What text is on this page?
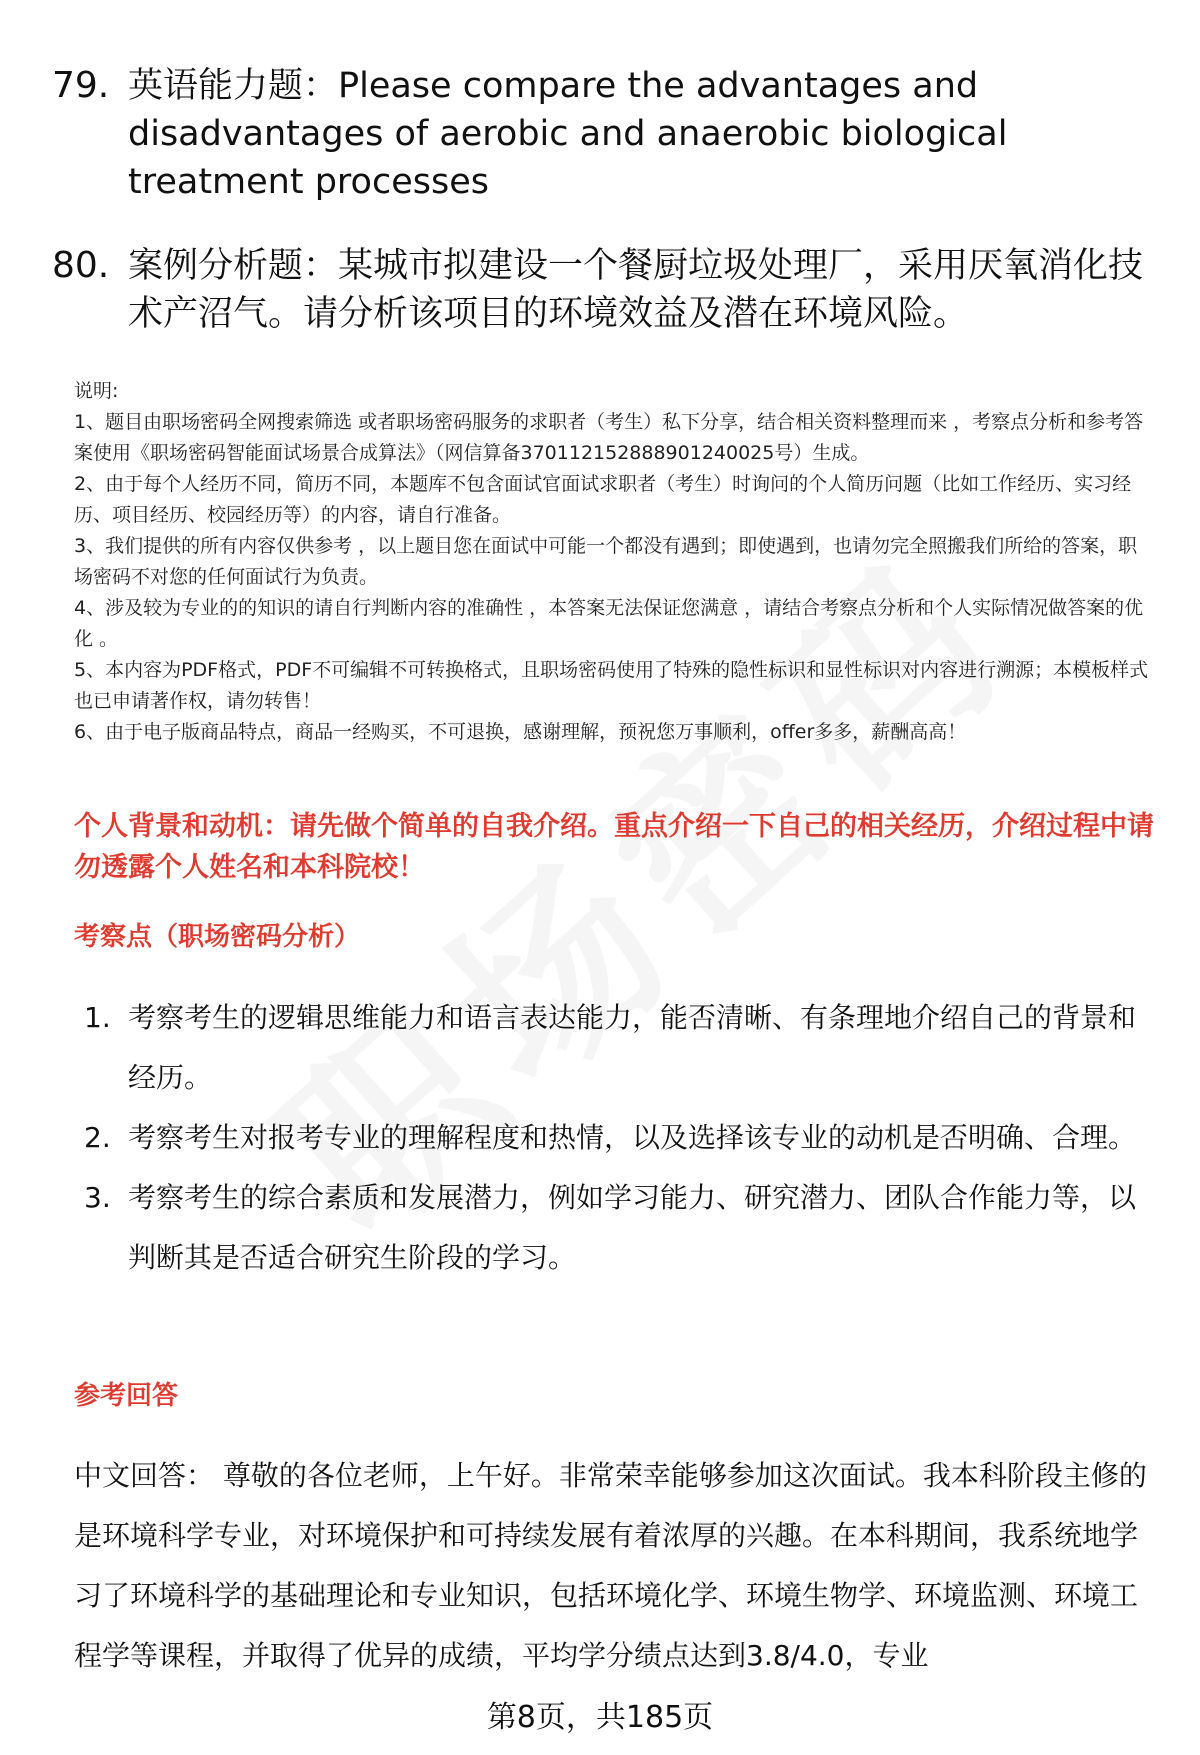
79. 英语能力题：Please compare the advantages and disadvantages of aerobic and anaerobic biological treatment processes
80. 案例分析题：某城市拟建设一个餐厨垃圾处理厂，采用厌氧消化技术产沼气。请分析该项目的环境效益及潜在环境风险。

说明:

1、题目由职场密码全网搜索筛选 或者职场密码服务的求职者（考生）私下分享，结合相关资料整理而来 ，考察点分析和参考答案使用《职场密码智能面试场景合成算法》（网信算备370112152888901240025号）生成。

2、由于每个人经历不同，简历不同，本题库不包含面试官面试求职者（考生）时询问的个人简历问题（比如工作经历、实习经历、项目经历、校园经历等）的内容，请自行准备。

3、我们提供的所有内容仅供参考 ，以上题目您在面试中可能一个都没有遇到；即使遇到，也请勿完全照搬我们所给的答案，职场密码不对您的任何面试行为负责。

4、涉及较为专业的的知识的请自行判断内容的准确性 ，本答案无法保证您满意 ，请结合考察点分析和个人实际情况做答案的优化 。

5、本内容为PDF格式，PDF不可编辑不可转换格式，且职场密码使用了特殊的隐性标识和显性标识对内容进行溯源；本模板样式也已申请著作权，请勿转售！

6、由于电子版商品特点，商品一经购买，不可退换，感谢理解，预祝您万事顺利，offer多多，薪酬高高！

个人背景和动机：请先做个简单的自我介绍。重点介绍一下自己的相关经历，介绍过程中请勿透露个人姓名和本科院校！
考察点（职场密码分析）
1. 考察考生的逻辑思维能力和语言表达能力，能否清晰、有条理地介绍自己的背景和经历。
2. 考察考生对报考专业的理解程度和热情，以及选择该专业的动机是否明确、合理。
3. 考察考生的综合素质和发展潜力，例如学习能力、研究潜力、团队合作能力等，以判断其是否适合研究生阶段的学习。
参考回答
中文回答： 尊敬的各位老师，上午好。非常荣幸能够参加这次面试。我本科阶段主修的是环境科学专业，对环境保护和可持续发展有着浓厚的兴趣。在本科期间，我系统地学习了环境科学的基础理论和专业知识，包括环境化学、环境生物学、环境监测、环境工程学等课程，并取得了优异的成绩，平均学分绩点达到3.8/4.0，专业
第8页，共185页
